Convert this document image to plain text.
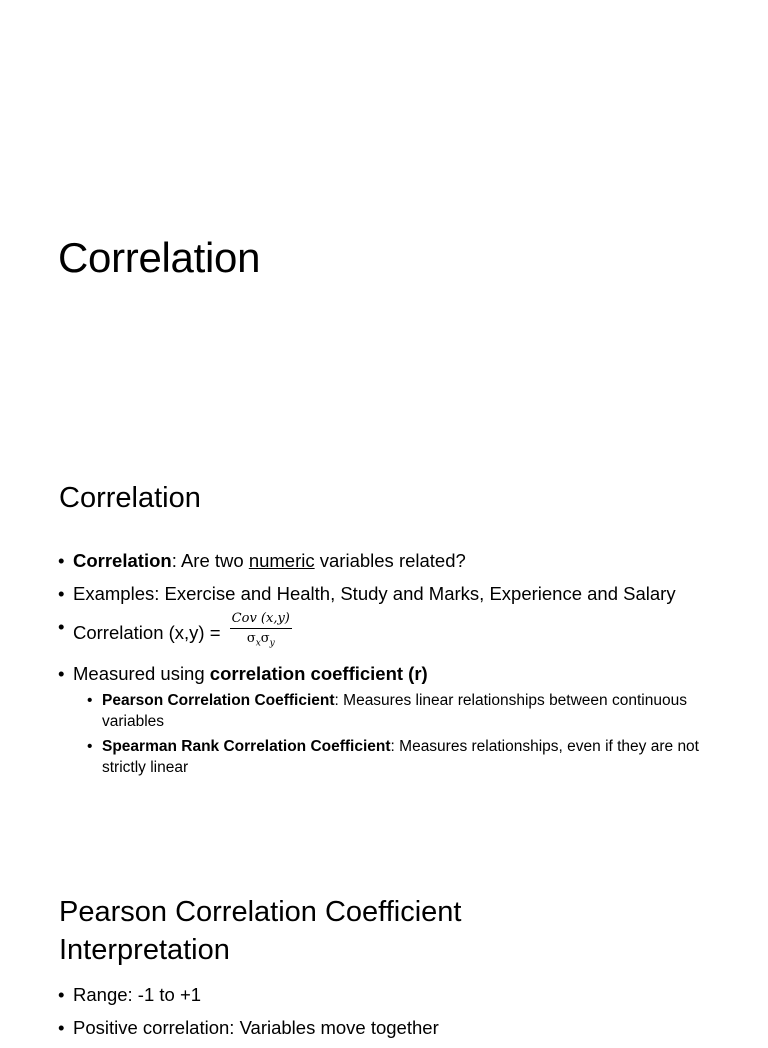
Correlation
Correlation
• Correlation: Are two numeric variables related?
• Examples: Exercise and Health, Study and Marks, Experience and Salary
• Correlation $(x,y) = \frac{\text{Cov (x,y)}}{\sigma_x\sigma_y}$
• Measured using correlation coefficient (r)
• Pearson Correlation Coefficient: Measures linear relationships between continuous variables
• Spearman Rank Correlation Coefficient: Measures relationships, even if they are not strictly linear
Pearson Correlation Coefficient Interpretation
• Range: -1 to +1
• Positive correlation: Variables move together
